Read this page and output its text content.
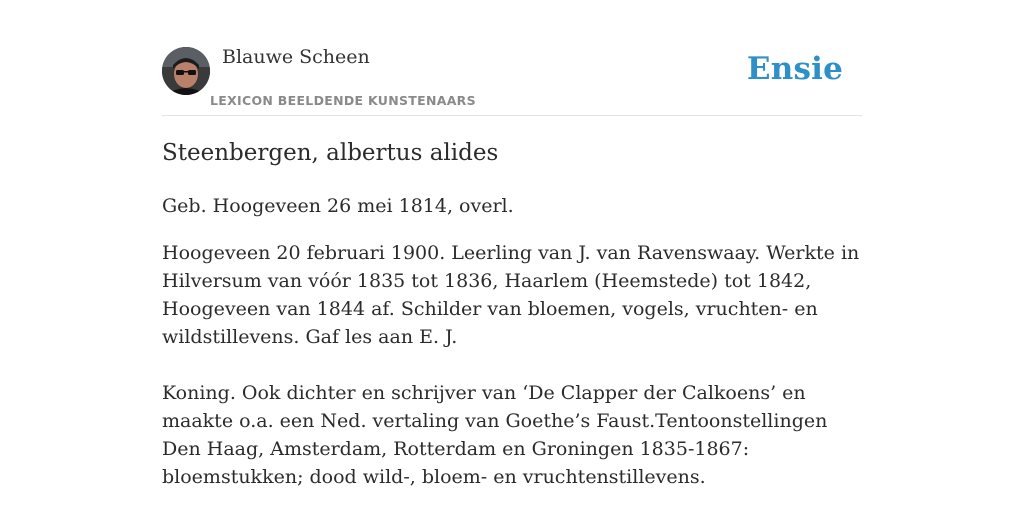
Blauwe Scheen
LEXICON BEELDENDE KUNSTENAARS
Ensie
Steenbergen, albertus alides

Geb. Hoogeveen 26 mei 1814, overl.

Hoogeveen 20 februari 1900. Leerling van J. van Ravenswaay. Werkte in Hilversum van vóór 1835 tot 1836, Haarlem (Heemstede) tot 1842, Hoogeveen van 1844 af. Schilder van bloemen, vogels, vruchten- en wildstillevens. Gaf les aan E. J.

Koning. Ook dichter en schrijver van ‘De Clapper der Calkoens’ en maakte o.a. een Ned. vertaling van Goethe’s Faust.Tentoonstellingen Den Haag, Amsterdam, Rotterdam en Groningen 1835-1867: bloemstukken; dood wild-, bloem- en vruchtenstillevens.
